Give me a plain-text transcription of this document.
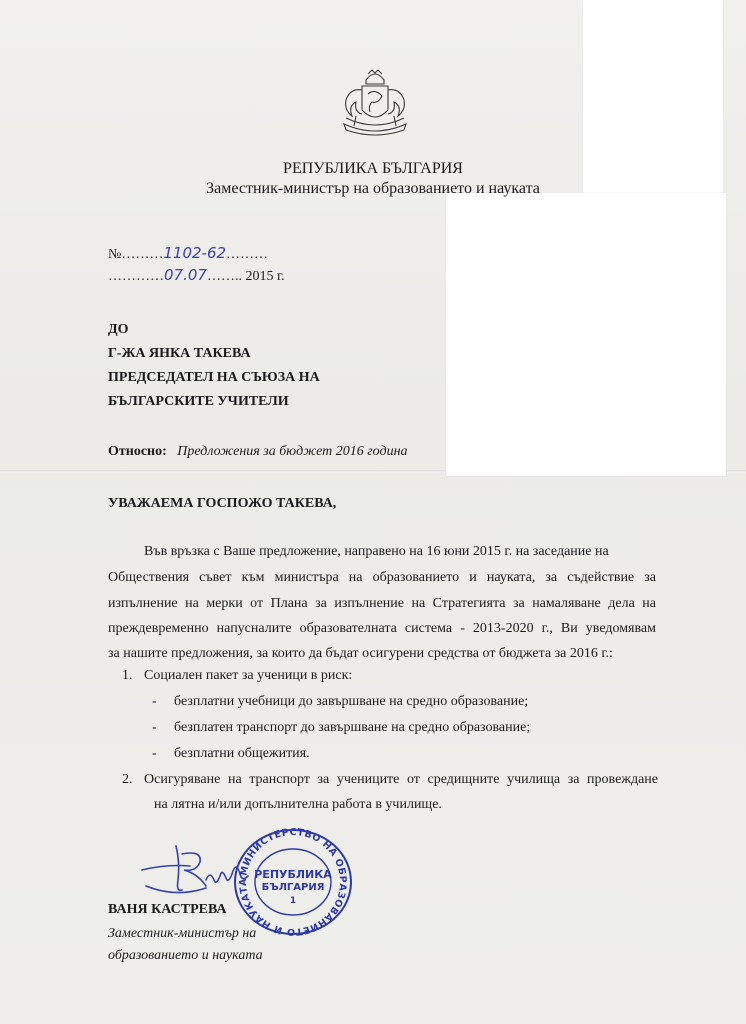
РЕПУБЛИКА БЪЛГАРИЯ
Заместник-министър на образованието и науката
№………1102-62………
…………07.07…….. 2015 г.
ДО
Г-ЖА ЯНКА ТАКЕВА
ПРЕДСЕДАТЕЛ НА СЪЮЗА НА
БЪЛГАРСКИТЕ УЧИТЕЛИ
Относно: Предложения за бюджет 2016 година
УВАЖАЕМА ГОСПОЖО ТАКЕВА,
Във връзка с Ваше предложение, направено на 16 юни 2015 г. на заседание на
Обществения съвет към министъра на образованието и науката, за съдействие за
изпълнение на мерки от Плана за изпълнение на Стратегията за намаляване дела на
преждевременно напусналите образователната система - 2013-2020 г., Ви уведомявам
за нашите предложения, за които да бъдат осигурени средства от бюджета за 2016 г.:
1. Социален пакет за ученици в риск:
- безплатни учебници до завършване на средно образование;
- безплатен транспорт до завършване на средно образование;
- безплатни общежития.
2. Осигуряване на транспорт за учениците от средищните училища за провеждане
на лятна и/или допълнителна работа в училище.
МИНИСТЕРСТВО НА ОБРАЗОВАНИЕТО И НАУКАТА
РЕПУБЛИКА
БЪЛГАРИЯ
1
ВАНЯ КАСТРЕВА
Заместник-министър на
образованието и науката
